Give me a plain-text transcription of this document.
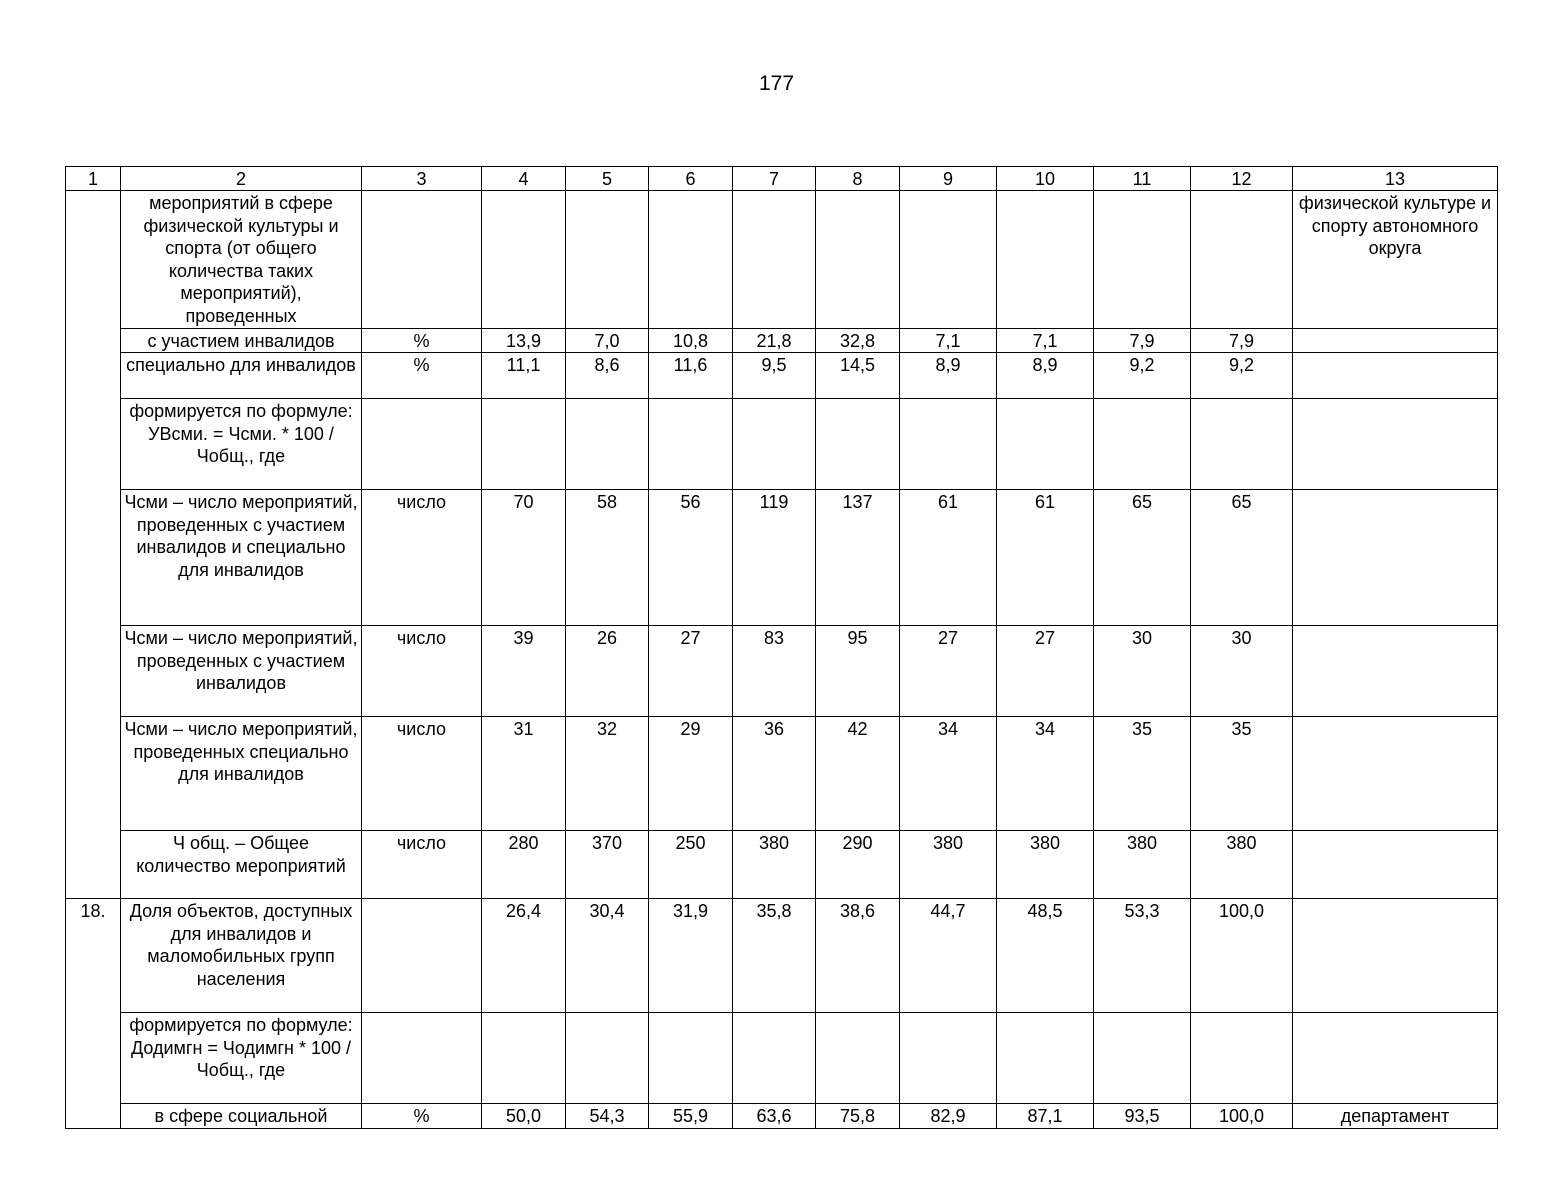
177
1	2	3	4	5	6	7	8	9	10	11	12	13
	мероприятий в сфере физической культуры и спорта (от общего количества таких мероприятий), проведенных											физической культуре и спорту автономного округа
	с участием инвалидов	%	13,9	7,0	10,8	21,8	32,8	7,1	7,1	7,9	7,9	
	специально для инвалидов	%	11,1	8,6	11,6	9,5	14,5	8,9	8,9	9,2	9,2	
	формируется по формуле: УВсми. = Чсми. * 100 / Чобщ., где											
	Чсми – число мероприятий, проведенных с участием инвалидов и специально для инвалидов	число	70	58	56	119	137	61	61	65	65	
	Чсми – число мероприятий, проведенных с участием инвалидов	число	39	26	27	83	95	27	27	30	30	
	Чсми – число мероприятий, проведенных специально для инвалидов	число	31	32	29	36	42	34	34	35	35	
	Ч общ. – Общее количество мероприятий	число	280	370	250	380	290	380	380	380	380	
18.	Доля объектов, доступных для инвалидов и маломобильных групп населения		26,4	30,4	31,9	35,8	38,6	44,7	48,5	53,3	100,0	
	формируется по формуле: Додимгн = Чодимгн * 100 / Чобщ., где											
	в сфере социальной	%	50,0	54,3	55,9	63,6	75,8	82,9	87,1	93,5	100,0	департамент
